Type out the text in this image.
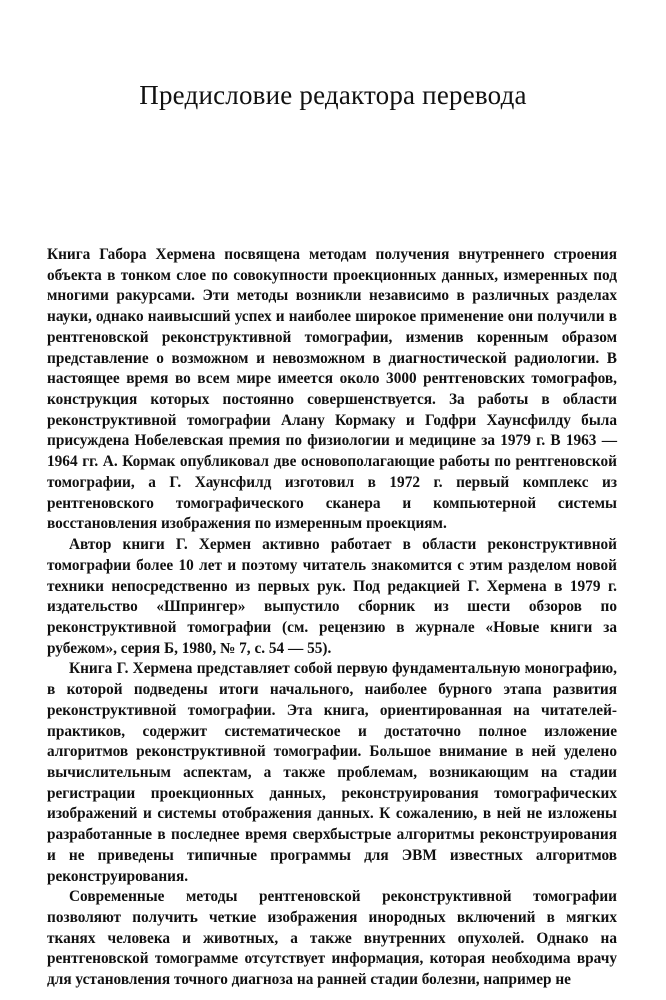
Предисловие редактора перевода

Книга Габора Хермена посвящена методам получения внутреннего строения объекта в тонком слое по совокупности проекционных данных, измеренных под многими ракурсами. Эти методы возникли независимо в различных разделах науки, однако наивысший успех и наиболее широкое применение они получили в рентгеновской реконструктивной томографии, изменив коренным образом представление о возможном и невозможном в диагностической радиологии. В настоящее время во всем мире имеется около 3000 рентгеновских томографов, конструкция которых постоянно совершенствуется. За работы в области реконструктивной томографии Алану Кормаку и Годфри Хаунсфилду была присуждена Нобелевская премия по физиологии и медицине за 1979 г. В 1963 — 1964 гг. А. Кормак опубликовал две основополагающие работы по рентгеновской томографии, а Г. Хаунсфилд изготовил в 1972 г. первый комплекс из рентгеновского томографического сканера и компьютерной системы восстановления изображения по измеренным проекциям.

Автор книги Г. Хермен активно работает в области реконструктивной томографии более 10 лет и поэтому читатель знакомится с этим разделом новой техники непосредственно из первых рук. Под редакцией Г. Хермена в 1979 г. издательство «Шпрингер» выпустило сборник из шести обзоров по реконструктивной томографии (см. рецензию в журнале «Новые книги за рубежом», серия Б, 1980, № 7, с. 54 — 55).

Книга Г. Хермена представляет собой первую фундаментальную монографию, в которой подведены итоги начального, наиболее бурного этапа развития реконструктивной томографии. Эта книга, ориентированная на читателей-практиков, содержит систематическое и достаточно полное изложение алгоритмов реконструктивной томографии. Большое внимание в ней уделено вычислительным аспектам, а также проблемам, возникающим на стадии регистрации проекционных данных, реконструирования томографических изображений и системы отображения данных. К сожалению, в ней не изложены разработанные в последнее время сверхбыстрые алгоритмы реконструирования и не приведены типичные программы для ЭВМ известных алгоритмов реконструирования.

Современные методы рентгеновской реконструктивной томографии позволяют получить четкие изображения инородных включений в мягких тканях человека и животных, а также внутренних опухолей. Однако на рентгеновской томограмме отсутствует информация, которая необходима врачу для установления точного диагноза на ранней стадии болезни, например не
